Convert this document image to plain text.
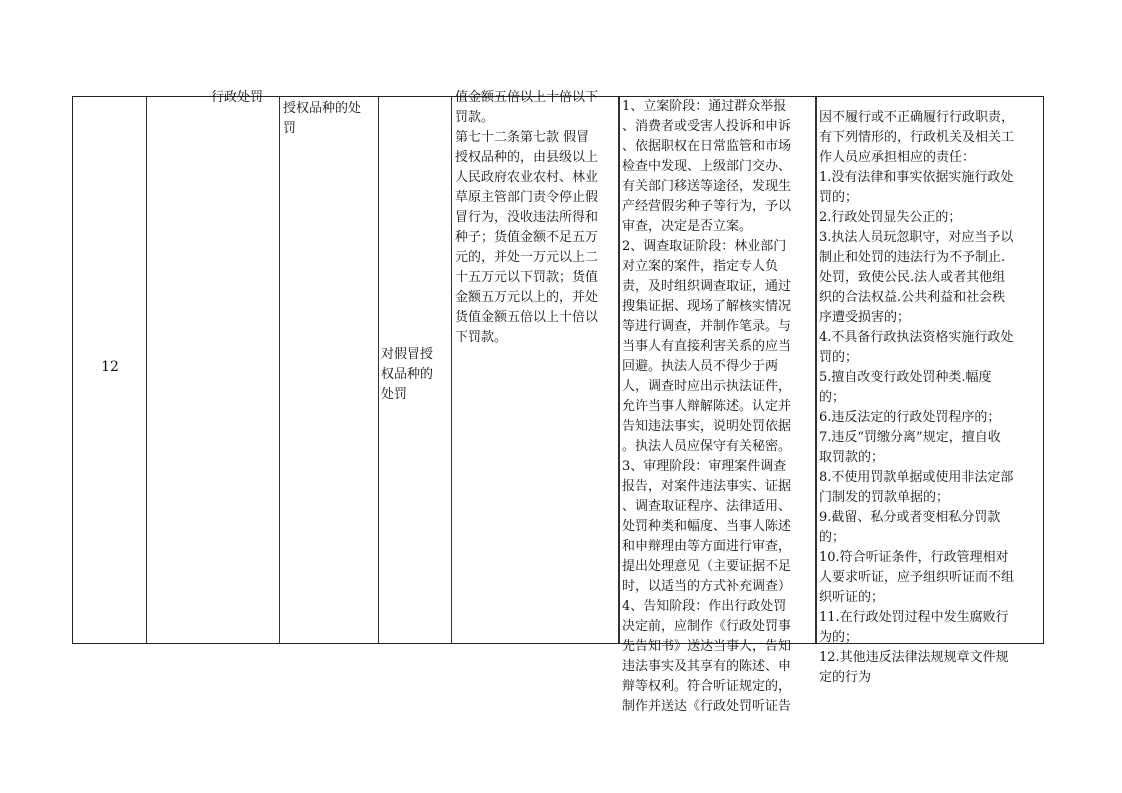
12
行政处罚
授权品种的处
罚
对假冒授
权品种的
处罚
值金额五倍以上十倍以下
罚款。
第七十二条第七款 假冒
授权品种的，由县级以上
人民政府农业农村、林业
草原主管部门责令停止假
冒行为，没收违法所得和
种子；货值金额不足五万
元的，并处一万元以上二
十五万元以下罚款；货值
金额五万元以上的，并处
货值金额五倍以上十倍以
下罚款。
1、立案阶段：通过群众举报
、消费者或受害人投诉和申诉
、依据职权在日常监管和市场
检查中发现、上级部门交办、
有关部门移送等途径，发现生
产经营假劣种子等行为，予以
审查，决定是否立案。
2、调查取证阶段：林业部门
对立案的案件，指定专人负
责，及时组织调查取证，通过
搜集证据、现场了解核实情况
等进行调查，并制作笔录。与
当事人有直接利害关系的应当
回避。执法人员不得少于两
人，调查时应出示执法证件，
允许当事人辩解陈述。认定并
告知违法事实，说明处罚依据
。执法人员应保守有关秘密。
3、审理阶段：审理案件调查
报告，对案件违法事实、证据
、调查取证程序、法律适用、
处罚种类和幅度、当事人陈述
和申辩理由等方面进行审查，
提出处理意见（主要证据不足
时，以适当的方式补充调查）
4、告知阶段：作出行政处罚
决定前，应制作《行政处罚事
先告知书》送达当事人，告知
违法事实及其享有的陈述、申
辩等权利。符合听证规定的，
制作并送达《行政处罚听证告
因不履行或不正确履行行政职责，
有下列情形的，行政机关及相关工
作人员应承担相应的责任：
1.没有法律和事实依据实施行政处
罚的；
2.行政处罚显失公正的；
3.执法人员玩忽职守，对应当予以
制止和处罚的违法行为不予制止.
处罚，致使公民.法人或者其他组
织的合法权益.公共利益和社会秩
序遭受损害的；
4.不具备行政执法资格实施行政处
罚的；
5.擅自改变行政处罚种类.幅度
的；
6.违反法定的行政处罚程序的；
7.违反“罚缴分离”规定，擅自收
取罚款的；
8.不使用罚款单据或使用非法定部
门制发的罚款单据的；
9.截留、私分或者变相私分罚款
的；
10.符合听证条件，行政管理相对
人要求听证，应予组织听证而不组
织听证的；
11.在行政处罚过程中发生腐败行
为的；
12.其他违反法律法规规章文件规
定的行为
